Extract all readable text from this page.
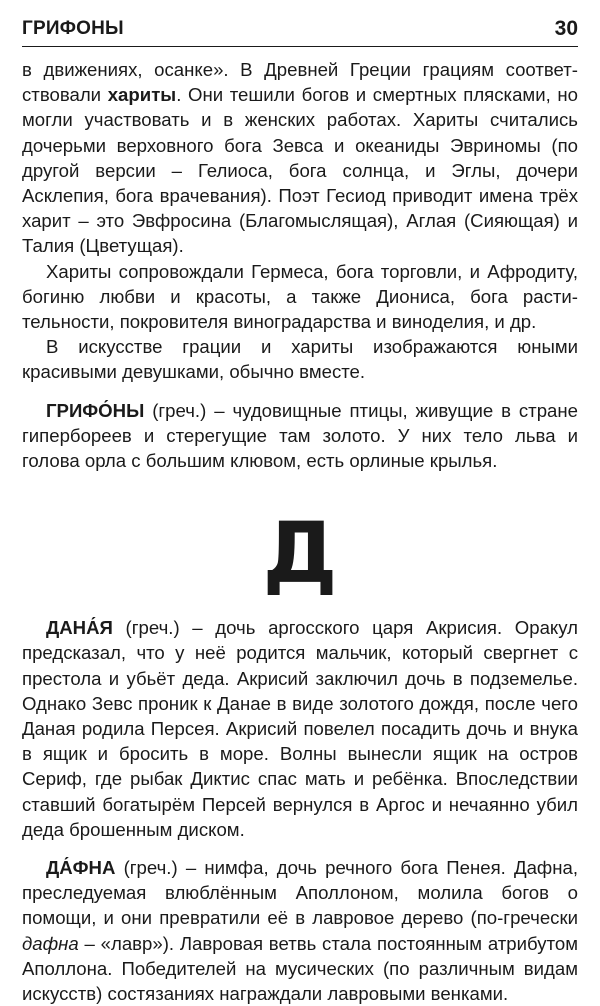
ГРИФОНЫ	30

в движениях, осанке». В Древней Греции грациям соответствовали хариты. Они тешили богов и смертных плясками, но могли участвовать и в женских работах. Хариты считались дочерьми верховного бога Зевса и океаниды Эвриномы (по другой версии – Гелиоса, бога солнца, и Эглы, дочери Асклепия, бога врачевания). Поэт Гесиод приводит имена трёх харит – это Эвфросина (Благомыслящая), Аглая (Сияющая) и Талия (Цветущая).

Хариты сопровождали Гермеса, бога торговли, и Афродиту, богиню любви и красоты, а также Диониса, бога растительности, покровителя виноградарства и виноделия, и др.

В искусстве грации и хариты изображаются юными красивыми девушками, обычно вместе.

ГРИФО́НЫ (греч.) – чудовищные птицы, живущие в стране гипербореев и стерегущие там золото. У них тело льва и голова орла с большим клювом, есть орлиные крылья.

Д

ДАНА́Я (греч.) – дочь аргосского царя Акрисия. Оракул предсказал, что у неё родится мальчик, который свергнет с престола и убьёт деда. Акрисий заключил дочь в подземелье. Однако Зевс проник к Данае в виде золотого дождя, после чего Даная родила Персея. Акрисий повелел посадить дочь и внука в ящик и бросить в море. Волны вынесли ящик на остров Сериф, где рыбак Диктис спас мать и ребёнка. Впоследствии ставший богатырём Персей вернулся в Аргос и нечаянно убил деда брошенным диском.

ДА́ФНА (греч.) – нимфа, дочь речного бога Пенея. Дафна, преследуемая влюблённым Аполлоном, молила богов о помощи, и они превратили её в лавровое дерево (по-гречески дафна – «лавр»). Лавровая ветвь стала постоянным атрибутом Аполлона. Победителей на мусических (по различным видам искусств) состязаниях награждали лавровыми венками.
